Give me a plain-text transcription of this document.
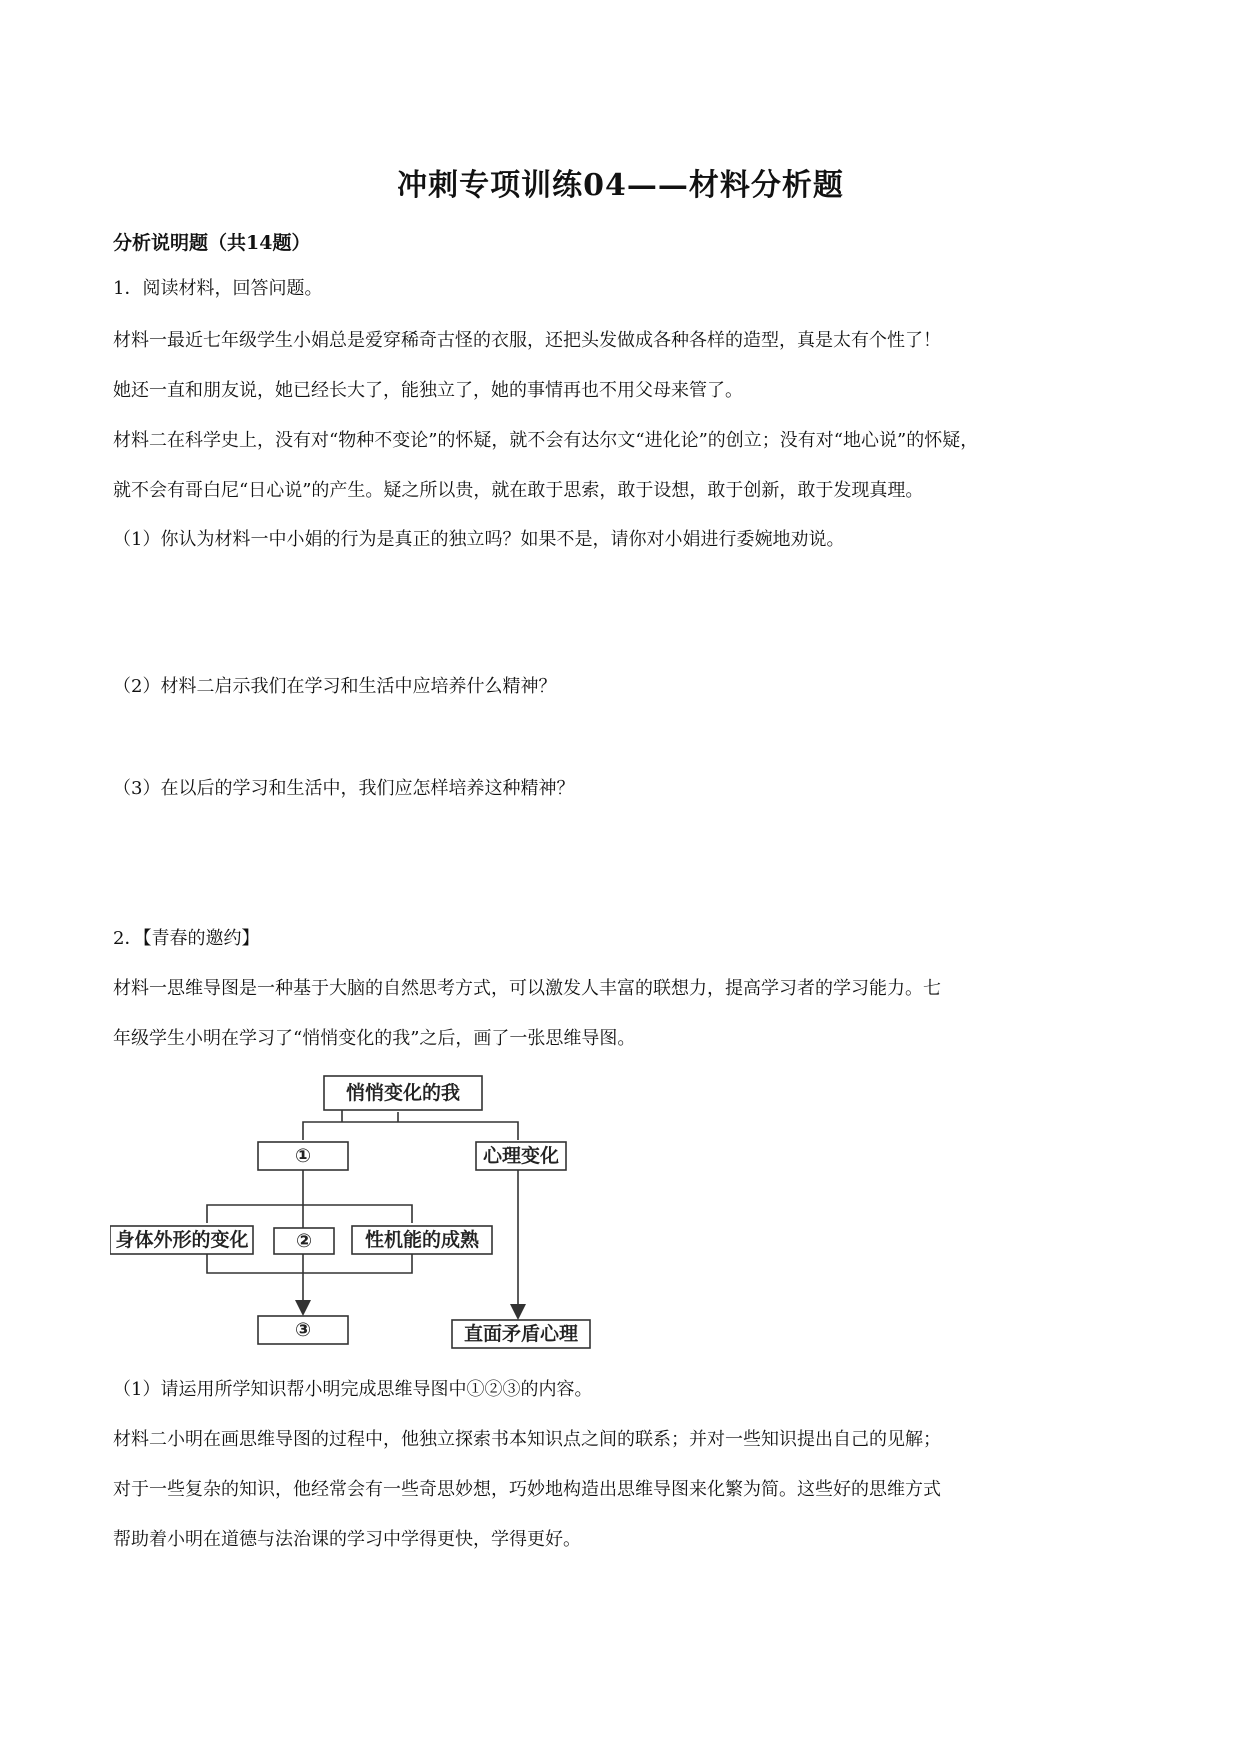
冲刺专项训练04——材料分析题
分析说明题（共14题）
1．阅读材料，回答问题。
材料一最近七年级学生小娟总是爱穿稀奇古怪的衣服，还把头发做成各种各样的造型，真是太有个性了！
她还一直和朋友说，她已经长大了，能独立了，她的事情再也不用父母来管了。
材料二在科学史上，没有对“物种不变论”的怀疑，就不会有达尔文“进化论”的创立；没有对“地心说”的怀疑，
就不会有哥白尼“日心说”的产生。疑之所以贵，就在敢于思索，敢于设想，敢于创新，敢于发现真理。
（1）你认为材料一中小娟的行为是真正的独立吗？如果不是，请你对小娟进行委婉地劝说。
（2）材料二启示我们在学习和生活中应培养什么精神？
（3）在以后的学习和生活中，我们应怎样培养这种精神？
2．【青春的邀约】
材料一思维导图是一种基于大脑的自然思考方式，可以激发人丰富的联想力，提高学习者的学习能力。七
年级学生小明在学习了“悄悄变化的我”之后，画了一张思维导图。
悄悄变化的我
①	心理变化
身体外形的变化 ②	性机能的成熟
③	直面矛盾心理
（1）请运用所学知识帮小明完成思维导图中①②③的内容。
材料二小明在画思维导图的过程中，他独立探索书本知识点之间的联系；并对一些知识提出自己的见解；
对于一些复杂的知识，他经常会有一些奇思妙想，巧妙地构造出思维导图来化繁为简。这些好的思维方式
帮助着小明在道德与法治课的学习中学得更快，学得更好。
